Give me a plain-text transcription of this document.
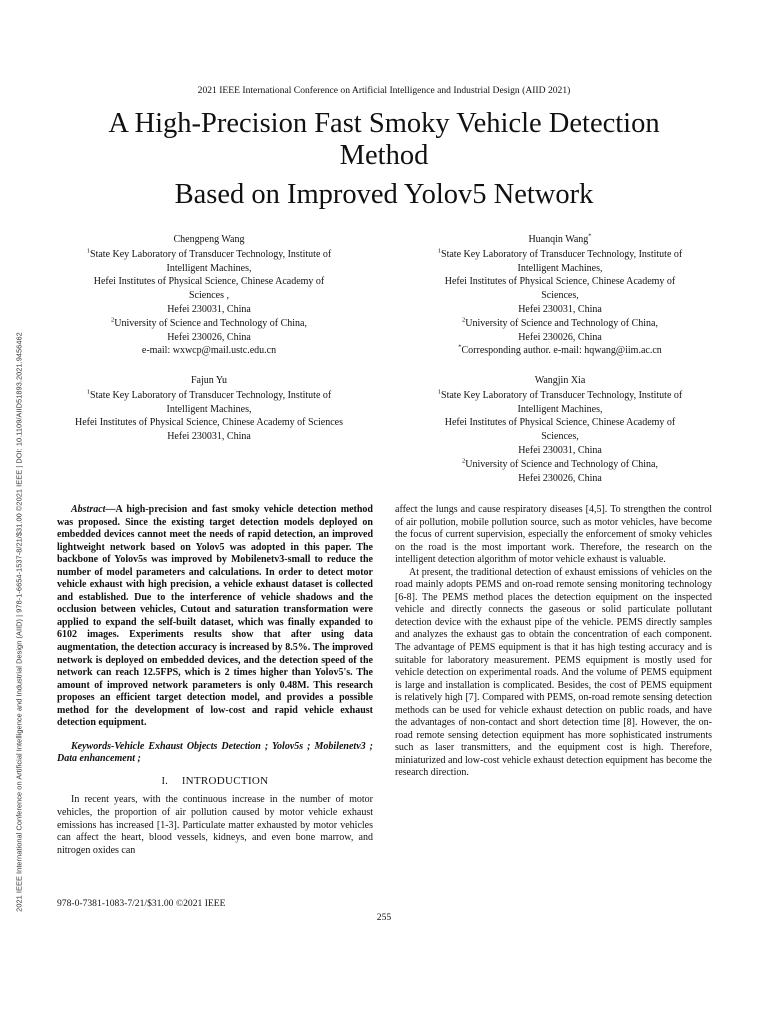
2021 IEEE International Conference on Artificial Intelligence and Industrial Design (AIID) | 978-1-6654-1537-8/21/$31.00 ©2021 IEEE | DOI: 10.1109/AIID51893.2021.9456462
2021 IEEE International Conference on Artificial Intelligence and Industrial Design (AIID 2021)
A High-Precision Fast Smoky Vehicle Detection
Method
Based on Improved Yolov5 Network
Chengpeng Wang
$^1$State Key Laboratory of Transducer Technology, Institute of
Intelligent Machines,
Hefei Institutes of Physical Science, Chinese Academy of
Sciences ,
Hefei 230031, China
$^2$University of Science and Technology of China,
Hefei 230026, China
e-mail: wxwcp@mail.ustc.edu.cn
Huanqin Wang*
$^1$State Key Laboratory of Transducer Technology, Institute of
Intelligent Machines,
Hefei Institutes of Physical Science, Chinese Academy of
Sciences,
Hefei 230031, China
$^2$University of Science and Technology of China,
Hefei 230026, China
*Corresponding author. e-mail: hqwang@iim.ac.cn
Fajun Yu
$^1$State Key Laboratory of Transducer Technology, Institute of
Intelligent Machines,
Hefei Institutes of Physical Science, Chinese Academy of Sciences
Hefei 230031, China
Wangjin Xia
$^1$State Key Laboratory of Transducer Technology, Institute of
Intelligent Machines,
Hefei Institutes of Physical Science, Chinese Academy of
Sciences,
Hefei 230031, China
$^2$University of Science and Technology of China,
Hefei 230026, China

Abstract—A high-precision and fast smoky vehicle detection method was proposed. Since the existing target detection models deployed on embedded devices cannot meet the needs of rapid detection, an improved lightweight network based on Yolov5 was adopted in this paper. The backbone of Yolov5s was improved by Mobilenetv3-small to reduce the number of model parameters and calculations. In order to detect motor vehicle exhaust with high precision, a vehicle exhaust dataset is collected and established. Due to the interference of vehicle shadows and the occlusion between vehicles, Cutout and saturation transformation were applied to expand the self-built dataset, which was finally expanded to 6102 images. Experiments results show that after using data augmentation, the detection accuracy is increased by 8.5%. The improved network is deployed on embedded devices, and the detection speed of the network can reach 12.5FPS, which is 2 times higher than Yolov5's. The amount of improved network parameters is only 0.48M. This research proposes an efficient target detection model, and provides a possible method for the development of low-cost and rapid vehicle exhaust detection equipment.

Keywords-Vehicle Exhaust Objects Detection ; Yolov5s ; Mobilenetv3 ; Data enhancement ;

I. INTRODUCTION

In recent years, with the continuous increase in the number of motor vehicles, the proportion of air pollution caused by motor vehicle exhaust emissions has increased [1-3]. Particulate matter exhausted by motor vehicles can affect the heart, blood vessels, kidneys, and even bone marrow, and nitrogen oxides can

affect the lungs and cause respiratory diseases [4,5]. To strengthen the control of air pollution, mobile pollution source, such as motor vehicles, have become the focus of current supervision, especially the enforcement of smoky vehicles on the road is the most important work. Therefore, the research on the intelligent detection algorithm of motor vehicle exhaust is valuable.

At present, the traditional detection of exhaust emissions of vehicles on the road mainly adopts PEMS and on-road remote sensing monitoring technology [6-8]. The PEMS method places the detection equipment on the inspected vehicle and directly connects the gaseous or solid particulate pollutant detection device with the exhaust pipe of the vehicle. PEMS directly samples and analyzes the exhaust gas to obtain the concentration of each component. The advantage of PEMS equipment is that it has high testing accuracy and is suitable for laboratory measurement. PEMS equipment is mostly used for vehicle detection on experimental roads. And the volume of PEMS equipment is large and installation is complicated. Besides, the cost of PEMS equipment is relatively high [7]. Compared with PEMS, on-road remote sensing detection methods can be used for vehicle exhaust detection on public roads, and have the advantages of non-contact and short detection time [8]. However, the on-road remote sensing detection equipment has more sophisticated instruments such as laser transmitters, and the equipment cost is high. Therefore, miniaturized and low-cost vehicle exhaust detection equipment has become the research direction.

978-0-7381-1083-7/21/$31.00 ©2021 IEEE
255
